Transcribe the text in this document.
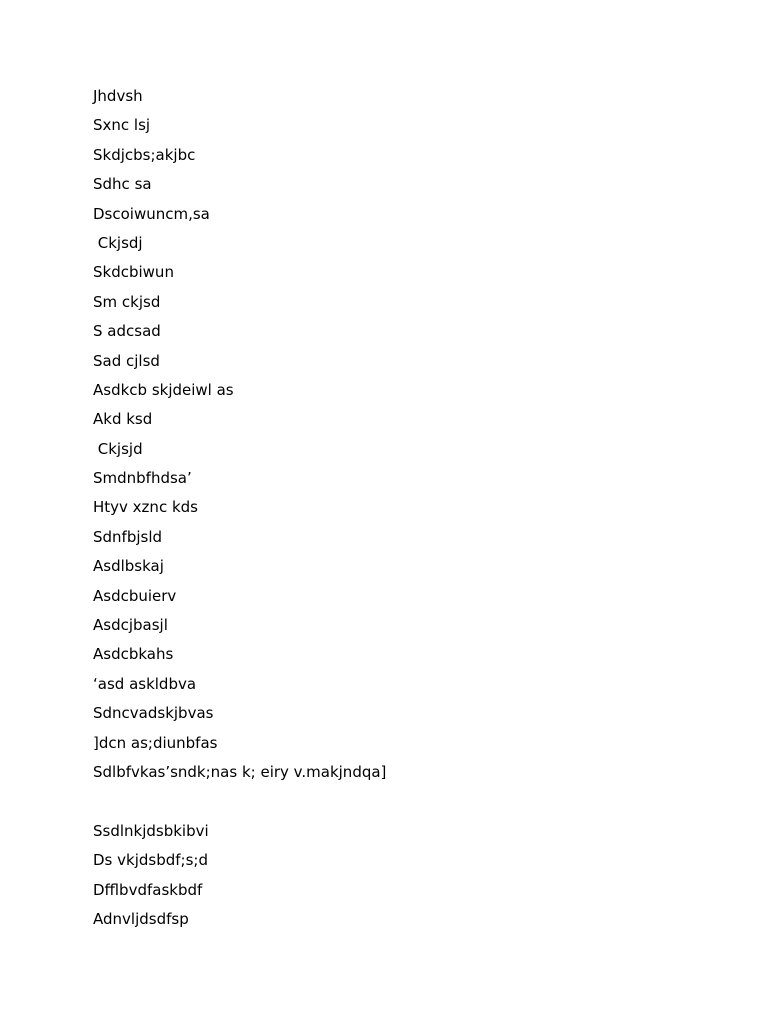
Jhdvsh
Sxnc lsj
Skdjcbs;akjbc
Sdhc sa
Dscoiwuncm,sa
Ckjsdj
Skdcbiwun
Sm ckjsd
S adcsad
Sad cjlsd
Asdkcb skjdeiwl as
Akd ksd
Ckjsjd
Smdnbfhdsa’
Htyv xznc kds
Sdnfbjsld
Asdlbskaj
Asdcbuierv
Asdcjbasjl
Asdcbkahs
‘asd askldbva
Sdncvadskjbvas
]dcn as;diunbfas
Sdlbfvkas’sndk;nas k; eiry v.makjndqa]
Ssdlnkjdsbkibvi
Ds vkjdsbdf;s;d
Dfflbvdfaskbdf
Adnvljdsdfsp
